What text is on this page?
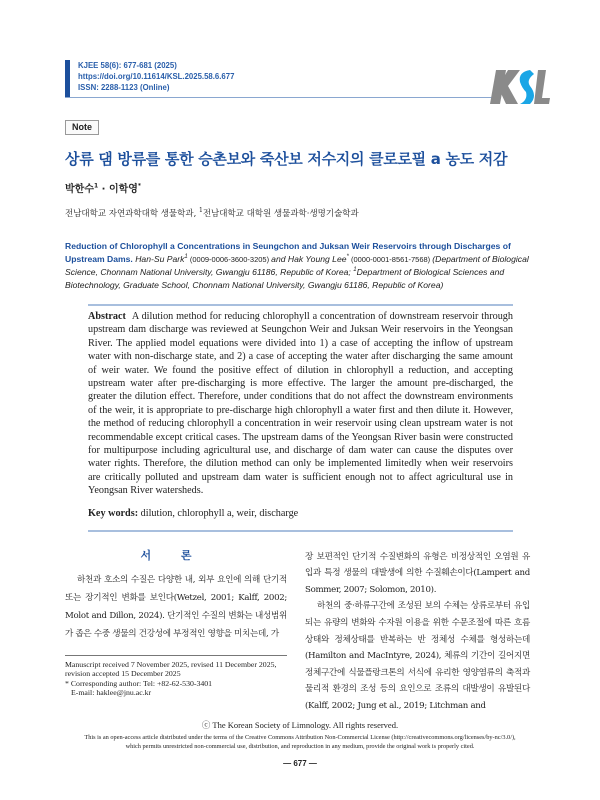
KJEE 58(6): 677-681 (2025)
https://doi.org/10.11614/KSL.2025.58.6.677
ISSN: 2288-1123 (Online)
Note
상류 댐 방류를 통한 승촌보와 죽산보 저수지의 클로로필 a 농도 저감
박한수$^1$ · 이학영*
전남대학교 자연과학대학 생물학과, $^1$전남대학교 대학원 생물과학·생명기술학과
Reduction of Chlorophyll a Concentrations in Seungchon and Juksan Weir Reservoirs through Discharges of Upstream Dams. Han-Su Park$^1$ (0009-0006-3600-3205) and Hak Young Lee* (0000-0001-8561-7568) (Department of Biological Science, Chonnam National University, Gwangju 61186, Republic of Korea; $^1$Department of Biological Sciences and Biotechnology, Graduate School, Chonnam National University, Gwangju 61186, Republic of Korea)
Abstract A dilution method for reducing chlorophyll a concentration of downstream reservoir through upstream dam discharge was reviewed at Seungchon Weir and Juksan Weir reservoirs in the Yeongsan River. The applied model equations were divided into 1) a case of accepting the inflow of upstream water with non-discharge state, and 2) a case of accepting the water after discharging the same amount of weir water. We found the positive effect of dilution in chlorophyll a reduction, and accepting upstream water after pre-discharging is more effective. The larger the amount pre-discharged, the greater the dilution effect. Therefore, under conditions that do not affect the downstream environments of the weir, it is appropriate to pre-discharge high chlorophyll a water first and then dilute it. However, the method of reducing chlorophyll a concentration in weir reservoir using clean upstream water is not recommendable except critical cases. The upstream dams of the Yeongsan River basin were constructed for multipurpose including agricultural use, and discharge of dam water can cause the disputes over water rights. Therefore, the dilution method can only be implemented limitedly when weir reservoirs are critically polluted and upstream dam water is sufficient enough not to affect agricultural use in Yeongsan River watersheds.
Key words: dilution, chlorophyll a, weir, discharge
서 론
하천과 호소의 수질은 다양한 내, 외부 요인에 의해 단기적 또는 장기적인 변화를 보인다(Wetzel, 2001; Kalff, 2002; Molot and Dillon, 2024). 단기적인 수질의 변화는 내성범위가 좁은 수중 생물의 건강성에 부정적인 영향을 미치는데, 가
Manuscript received 7 November 2025, revised 11 December 2025,
revision accepted 15 December 2025
* Corresponding author: Tel: +82-62-530-3401
E-mail: haklee@jnu.ac.kr

장 보편적인 단기적 수질변화의 유형은 비정상적인 오염원 유입과 특정 생물의 대발생에 의한 수질훼손이다(Lampert and Sommer, 2007; Solomon, 2010).

하천의 중·하류구간에 조성된 보의 수체는 상류로부터 유입되는 유량의 변화와 수자원 이용을 위한 수문조절에 따른 흐름상태와 정체상태를 반복하는 반 정체성 수체를 형성하는데(Hamilton and MacIntyre, 2024), 체류의 기간이 길어지면 정체구간에 식물플랑크톤의 서식에 유리한 영양염류의 축적과 물리적 환경의 조성 등의 요인으로 조류의 대발생이 유발된다(Kalff, 2002; Jung et al., 2019; Litchman and

ⓒ The Korean Society of Limnology. All rights reserved.
This is an open-access article distributed under the terms of the Creative Commons Attribution Non-Commercial License (http://creativecommons.org/licenses/by-nc/3.0/),
which permits unrestricted non-commercial use, distribution, and reproduction in any medium, provide the original work is properly cited.
— 677 —
